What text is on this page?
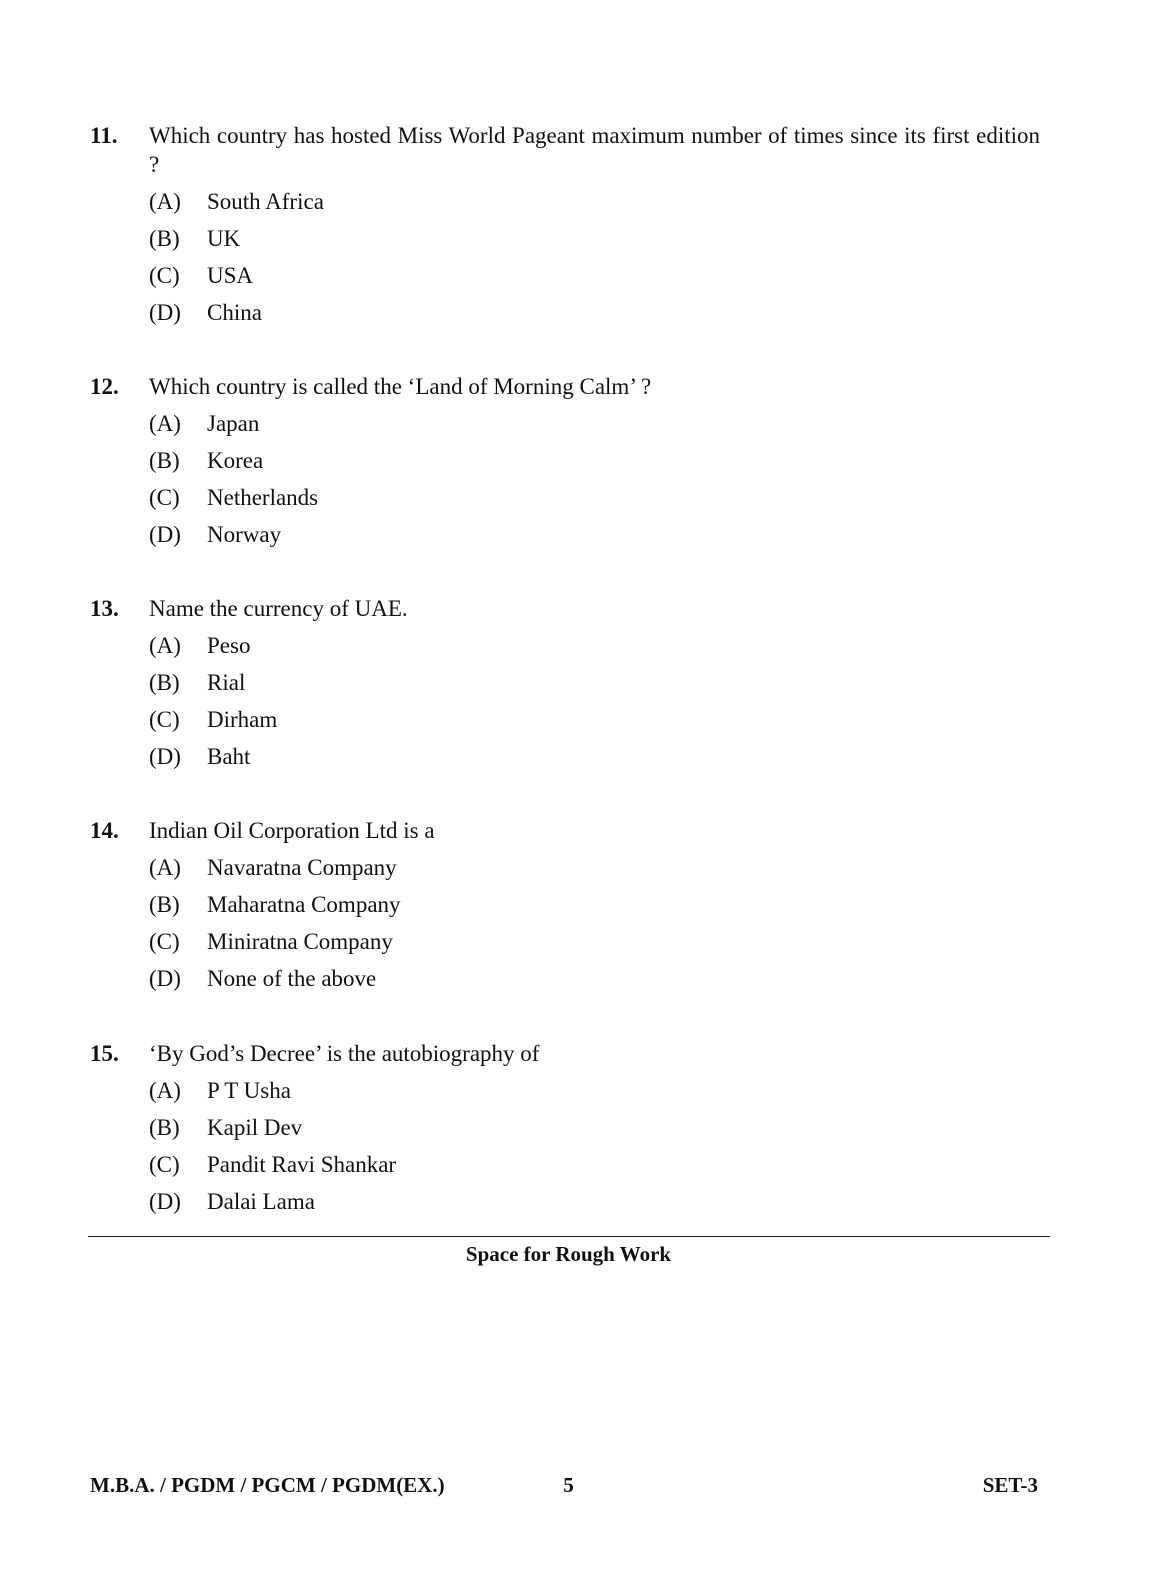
11.	Which country has hosted Miss World Pageant maximum number of times since its first edition ?
(A)	South Africa
(B)	UK
(C)	USA
(D)	China
12.	Which country is called the ‘Land of Morning Calm’ ?
(A)	Japan
(B)	Korea
(C)	Netherlands
(D)	Norway
13.	Name the currency of UAE.
(A)	Peso
(B)	Rial
(C)	Dirham
(D)	Baht
14.	Indian Oil Corporation Ltd is a
(A)	Navaratna Company
(B)	Maharatna Company
(C)	Miniratna Company
(D)	None of the above
15.	‘By God’s Decree’ is the autobiography of
(A)	P T Usha
(B)	Kapil Dev
(C)	Pandit Ravi Shankar
(D)	Dalai Lama
Space for Rough Work
5
M.B.A. / PGDM / PGCM / PGDM(EX.)	SET-3
